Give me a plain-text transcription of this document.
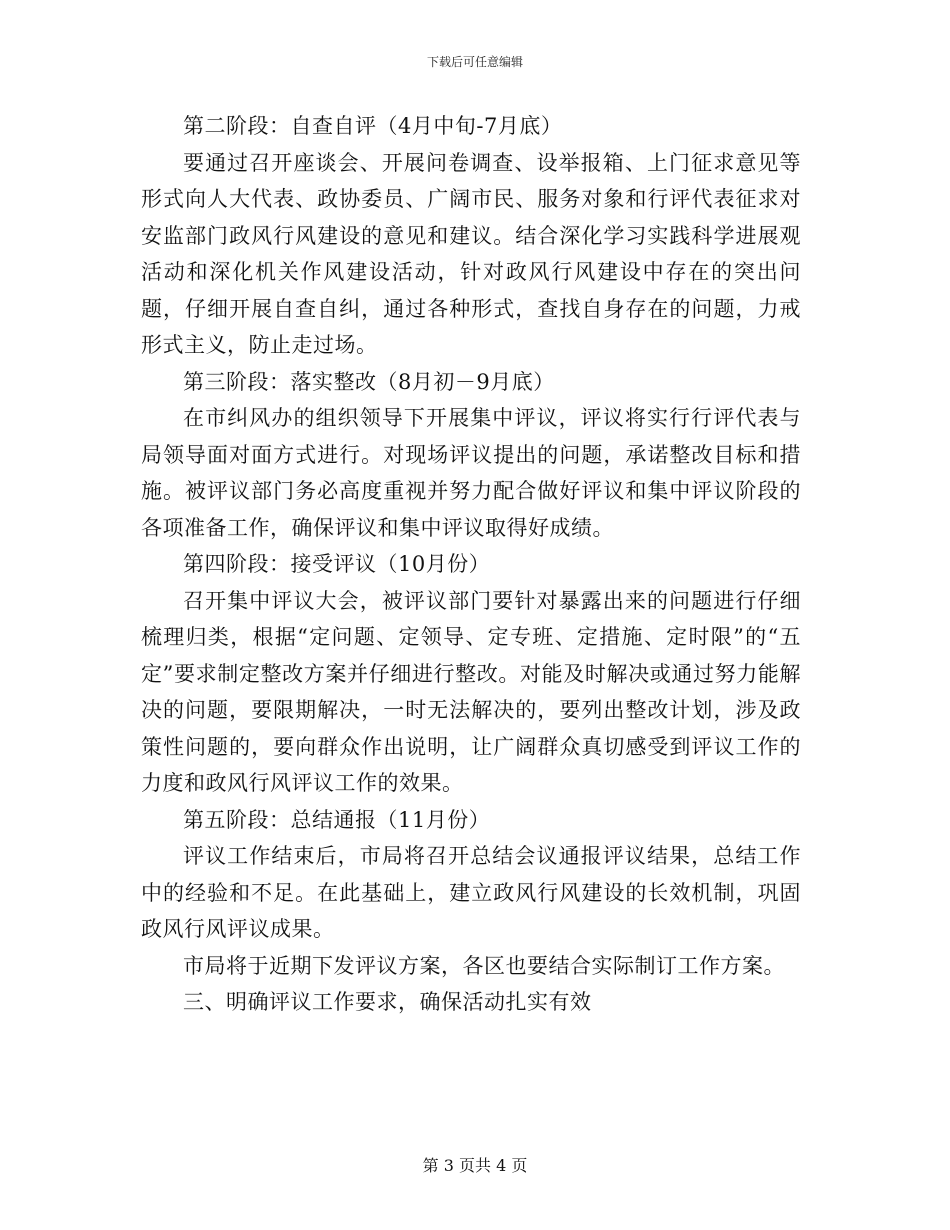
下载后可任意编辑

第二阶段：自查自评（4月中旬-7月底）

要通过召开座谈会、开展问卷调查、设举报箱、上门征求意见等形式向人大代表、政协委员、广阔市民、服务对象和行评代表征求对安监部门政风行风建设的意见和建议。结合深化学习实践科学进展观活动和深化机关作风建设活动，针对政风行风建设中存在的突出问题，仔细开展自查自纠，通过各种形式，查找自身存在的问题，力戒形式主义，防止走过场。

第三阶段：落实整改（8月初－9月底）

在市纠风办的组织领导下开展集中评议，评议将实行行评代表与局领导面对面方式进行。对现场评议提出的问题，承诺整改目标和措施。被评议部门务必高度重视并努力配合做好评议和集中评议阶段的各项准备工作，确保评议和集中评议取得好成绩。

第四阶段：接受评议（10月份）

召开集中评议大会，被评议部门要针对暴露出来的问题进行仔细梳理归类，根据“定问题、定领导、定专班、定措施、定时限”的“五定”要求制定整改方案并仔细进行整改。对能及时解决或通过努力能解决的问题，要限期解决，一时无法解决的，要列出整改计划，涉及政策性问题的，要向群众作出说明，让广阔群众真切感受到评议工作的力度和政风行风评议工作的效果。

第五阶段：总结通报（11月份）

评议工作结束后，市局将召开总结会议通报评议结果，总结工作中的经验和不足。在此基础上，建立政风行风建设的长效机制，巩固政风行风评议成果。

市局将于近期下发评议方案，各区也要结合实际制订工作方案。

三、明确评议工作要求，确保活动扎实有效

第 3 页共 4 页
